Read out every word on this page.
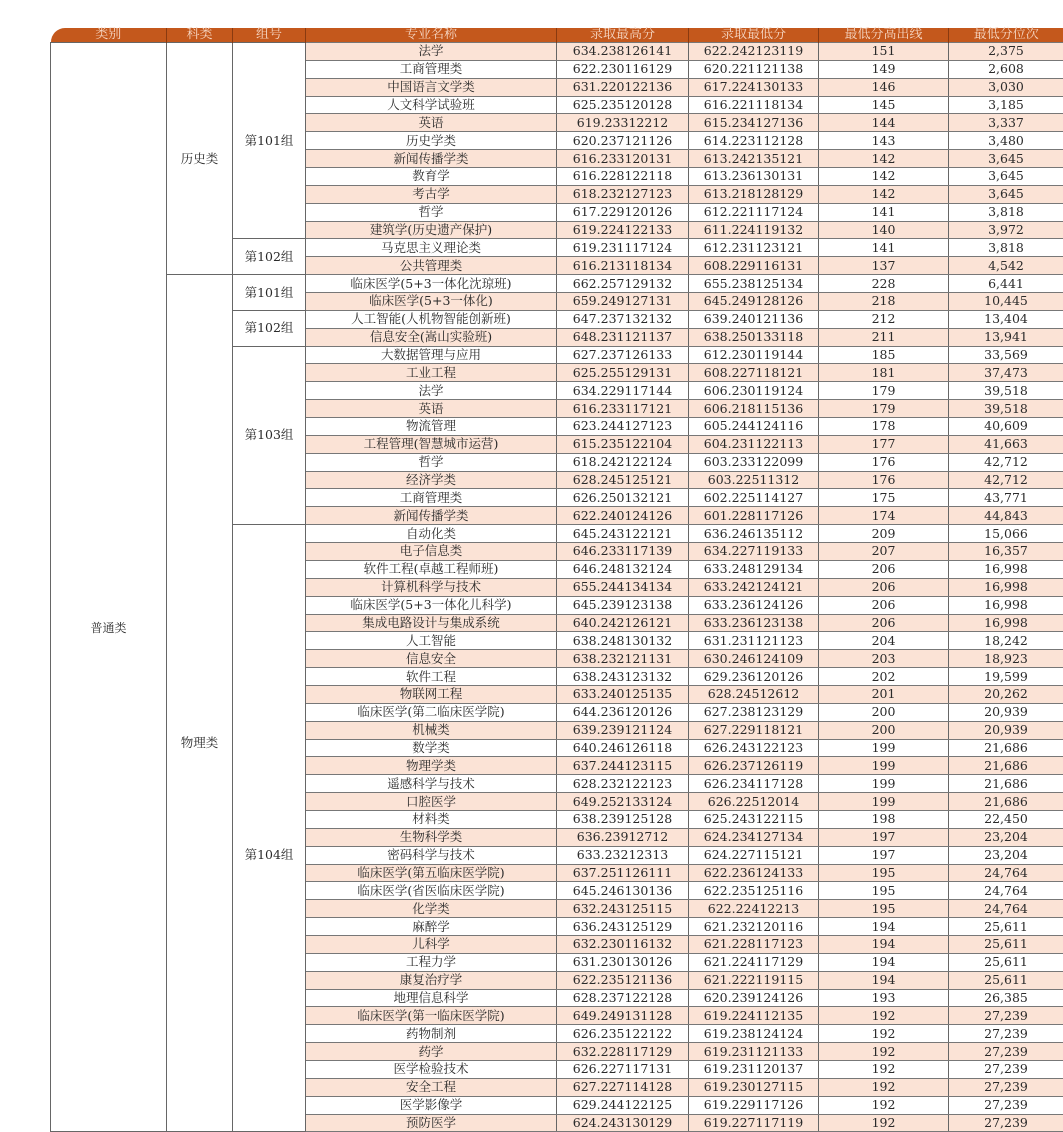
类别	科类	组号	专业名称	录取最高分	录取最低分	最低分高出线	最低分位次
普通类	历史类	第101组	法学	634.238126141	622.242123119	151	2,375
			工商管理类	622.230116129	620.221121138	149	2,608
			中国语言文学类	631.220122136	617.224130133	146	3,030
			人文科学试验班	625.235120128	616.221118134	145	3,185
			英语	619.23312212	615.234127136	144	3,337
			历史学类	620.237121126	614.223112128	143	3,480
			新闻传播学类	616.233120131	613.242135121	142	3,645
			教育学	616.228122118	613.236130131	142	3,645
			考古学	618.232127123	613.218128129	142	3,645
			哲学	617.229120126	612.221117124	141	3,818
			建筑学(历史遗产保护)	619.224122133	611.224119132	140	3,972
		第102组	马克思主义理论类	619.231117124	612.231123121	141	3,818
			公共管理类	616.213118134	608.229116131	137	4,542
	物理类	第101组	临床医学(5+3一体化沈琼班)	662.257129132	655.238125134	228	6,441
			临床医学(5+3一体化)	659.249127131	645.249128126	218	10,445
		第102组	人工智能(人机物智能创新班)	647.237132132	639.240121136	212	13,404
			信息安全(嵩山实验班)	648.231121137	638.250133118	211	13,941
		第103组	大数据管理与应用	627.237126133	612.230119144	185	33,569
			工业工程	625.255129131	608.227118121	181	37,473
			法学	634.229117144	606.230119124	179	39,518
			英语	616.233117121	606.218115136	179	39,518
			物流管理	623.244127123	605.244124116	178	40,609
			工程管理(智慧城市运营)	615.235122104	604.231122113	177	41,663
			哲学	618.242122124	603.233122099	176	42,712
			经济学类	628.245125121	603.22511312	176	42,712
			工商管理类	626.250132121	602.225114127	175	43,771
			新闻传播学类	622.240124126	601.228117126	174	44,843
		第104组	自动化类	645.243122121	636.246135112	209	15,066
			电子信息类	646.233117139	634.227119133	207	16,357
			软件工程(卓越工程师班)	646.248132124	633.248129134	206	16,998
			计算机科学与技术	655.244134134	633.242124121	206	16,998
			临床医学(5+3一体化儿科学)	645.239123138	633.236124126	206	16,998
			集成电路设计与集成系统	640.242126121	633.236123138	206	16,998
			人工智能	638.248130132	631.231121123	204	18,242
			信息安全	638.232121131	630.246124109	203	18,923
			软件工程	638.243123132	629.236120126	202	19,599
			物联网工程	633.240125135	628.24512612	201	20,262
			临床医学(第二临床医学院)	644.236120126	627.238123129	200	20,939
			机械类	639.239121124	627.229118121	200	20,939
			数学类	640.246126118	626.243122123	199	21,686
			物理学类	637.244123115	626.237126119	199	21,686
			遥感科学与技术	628.232122123	626.234117128	199	21,686
			口腔医学	649.252133124	626.22512014	199	21,686
			材料类	638.239125128	625.243122115	198	22,450
			生物科学类	636.23912712	624.234127134	197	23,204
			密码科学与技术	633.23212313	624.227115121	197	23,204
			临床医学(第五临床医学院)	637.251126111	622.236124133	195	24,764
			临床医学(省医临床医学院)	645.246130136	622.235125116	195	24,764
			化学类	632.243125115	622.22412213	195	24,764
			麻醉学	636.243125129	621.232120116	194	25,611
			儿科学	632.230116132	621.228117123	194	25,611
			工程力学	631.230130126	621.224117129	194	25,611
			康复治疗学	622.235121136	621.222119115	194	25,611
			地理信息科学	628.237122128	620.239124126	193	26,385
			临床医学(第一临床医学院)	649.249131128	619.224112135	192	27,239
			药物制剂	626.235122122	619.238124124	192	27,239
			药学	632.228117129	619.231121133	192	27,239
			医学检验技术	626.227117131	619.231120137	192	27,239
			安全工程	627.227114128	619.230127115	192	27,239
			医学影像学	629.244122125	619.229117126	192	27,239
			预防医学	624.243130129	619.227117119	192	27,239
